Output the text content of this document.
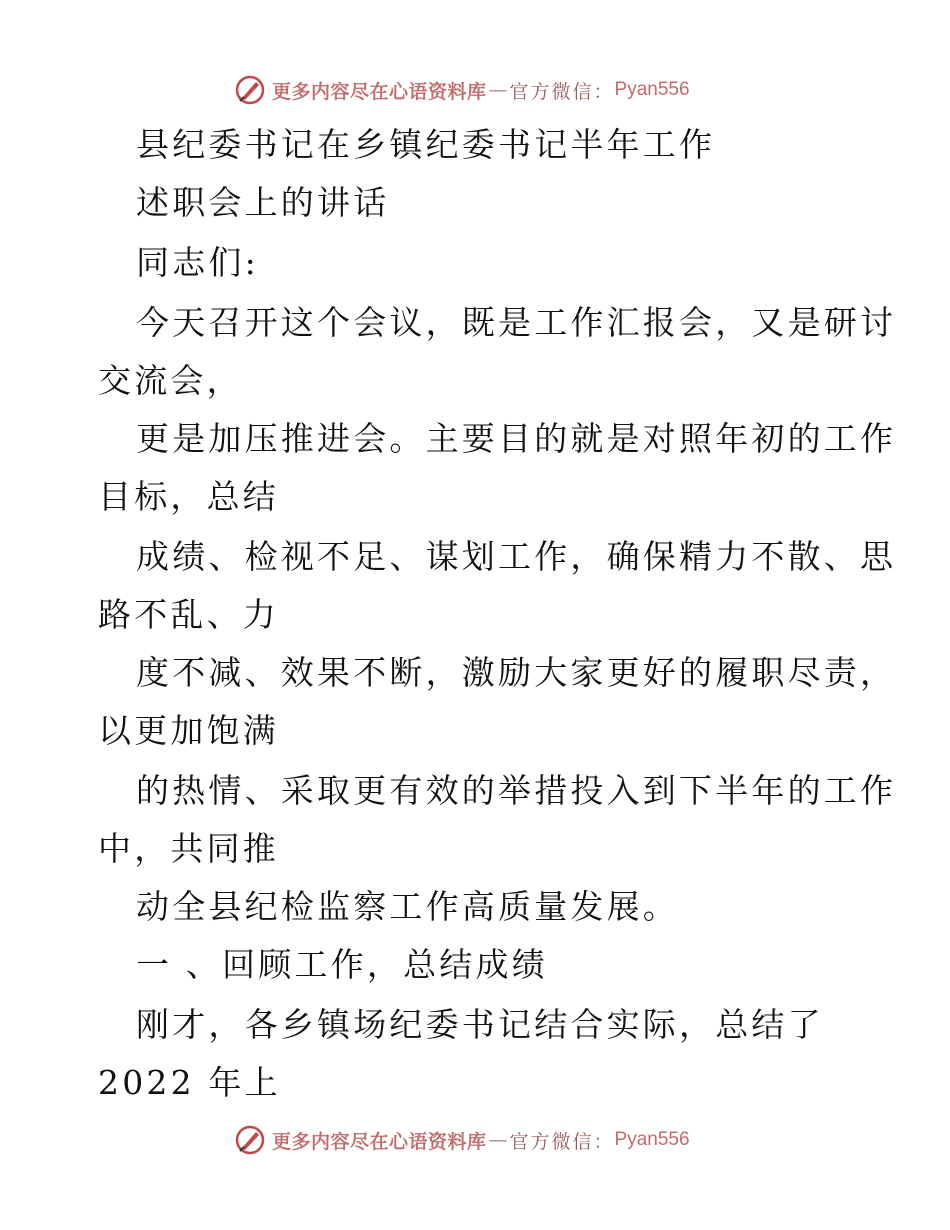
更多内容尽在心语资料库 — 官方微信： Pyan556
县纪委书记在乡镇纪委书记半年工作
述职会上的讲话
同志们:
今天召开这个会议，既是工作汇报会，又是研讨
交流会，
更是加压推进会。主要目的就是对照年初的工作
目标，总结
成绩、检视不足、谋划工作，确保精力不散、思
路不乱、力
度不减、效果不断，激励大家更好的履职尽责，
以更加饱满
的热情、采取更有效的举措投入到下半年的工作
中，共同推
动全县纪检监察工作高质量发展。
一 、回顾工作，总结成绩
刚才，各乡镇场纪委书记结合实际，总结了
2022 年上
更多内容尽在心语资料库 — 官方微信： Pyan556
